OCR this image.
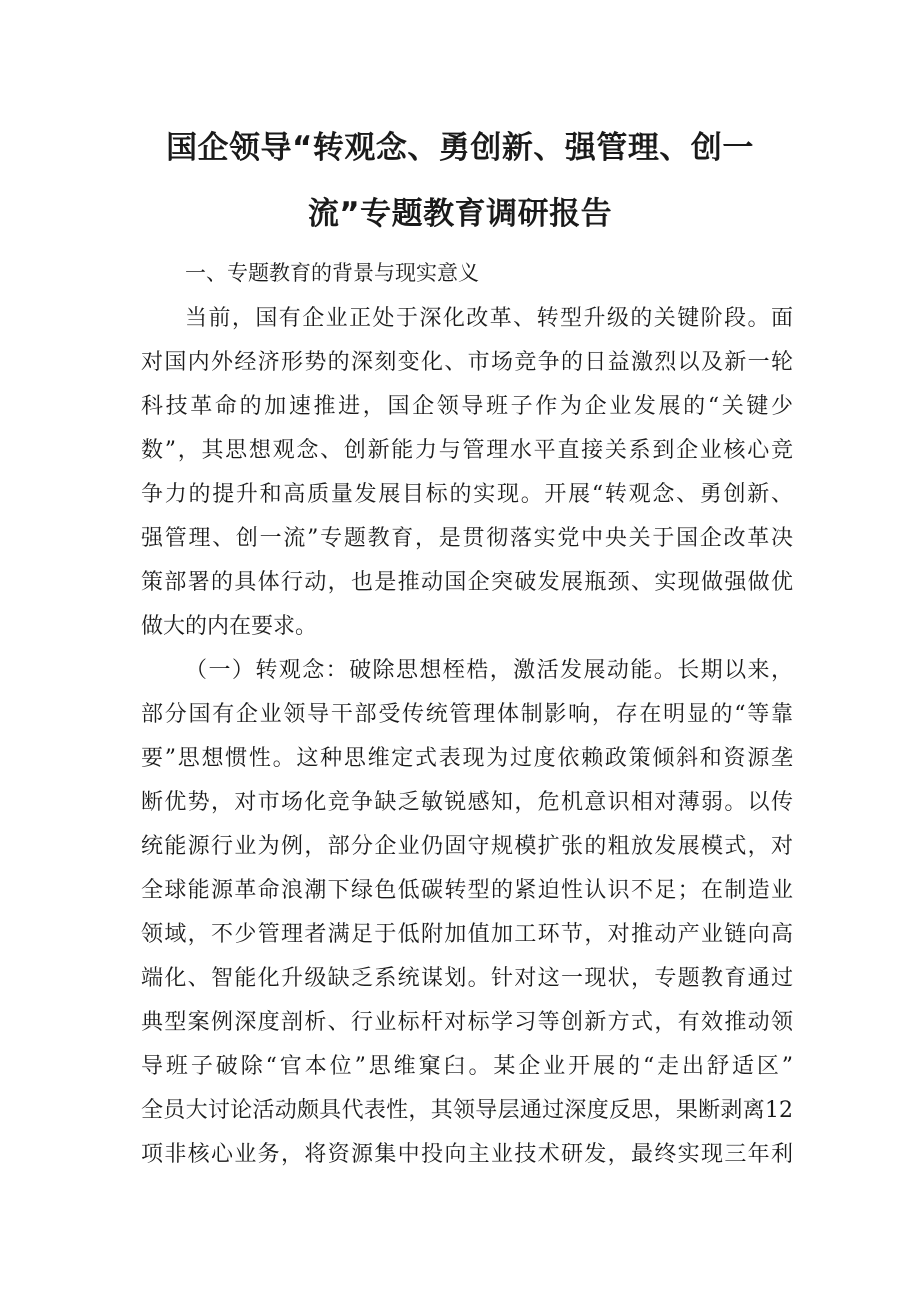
国企领导“转观念、勇创新、强管理、创一
流”专题教育调研报告
一、专题教育的背景与现实意义
当前，国有企业正处于深化改革、转型升级的关键阶段。面
对国内外经济形势的深刻变化、市场竞争的日益激烈以及新一轮
科技革命的加速推进，国企领导班子作为企业发展的“关键少
数”，其思想观念、创新能力与管理水平直接关系到企业核心竞
争力的提升和高质量发展目标的实现。开展“转观念、勇创新、
强管理、创一流”专题教育，是贯彻落实党中央关于国企改革决
策部署的具体行动，也是推动国企突破发展瓶颈、实现做强做优
做大的内在要求。
（一）转观念：破除思想桎梏，激活发展动能。长期以来，
部分国有企业领导干部受传统管理体制影响，存在明显的“等靠
要”思想惯性。这种思维定式表现为过度依赖政策倾斜和资源垄
断优势，对市场化竞争缺乏敏锐感知，危机意识相对薄弱。以传
统能源行业为例，部分企业仍固守规模扩张的粗放发展模式，对
全球能源革命浪潮下绿色低碳转型的紧迫性认识不足；在制造业
领域，不少管理者满足于低附加值加工环节，对推动产业链向高
端化、智能化升级缺乏系统谋划。针对这一现状，专题教育通过
典型案例深度剖析、行业标杆对标学习等创新方式，有效推动领
导班子破除“官本位”思维窠臼。某企业开展的“走出舒适区”
全员大讨论活动颇具代表性，其领导层通过深度反思，果断剥离12
项非核心业务，将资源集中投向主业技术研发，最终实现三年利
